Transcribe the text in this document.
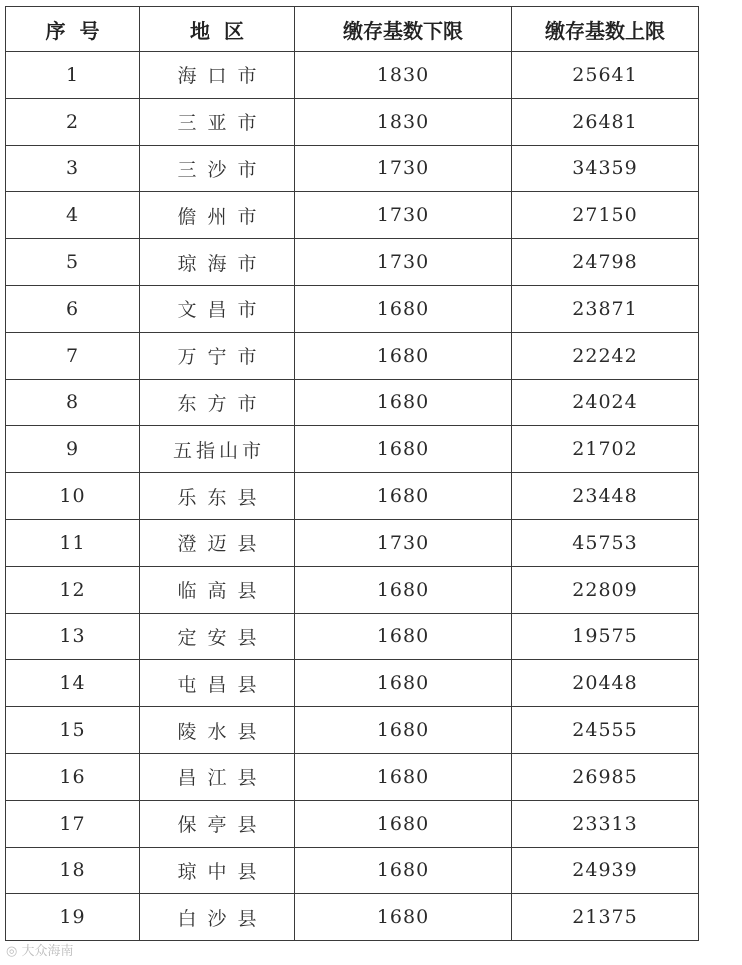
序号	地区	缴存基数下限	缴存基数上限
1	海 口 市	1830	25641
2	三 亚 市	1830	26481
3	三 沙 市	1730	34359
4	儋 州 市	1730	27150
5	琼 海 市	1730	24798
6	文 昌 市	1680	23871
7	万 宁 市	1680	22242
8	东 方 市	1680	24024
9	五 指 山 市	1680	21702
10	乐 东 县	1680	23448
11	澄 迈 县	1730	45753
12	临 高 县	1680	22809
13	定 安 县	1680	19575
14	屯 昌 县	1680	20448
15	陵 水 县	1680	24555
16	昌 江 县	1680	26985
17	保 亭 县	1680	23313
18	琼 中 县	1680	24939
19	白 沙 县	1680	21375
◎ 大众海南
